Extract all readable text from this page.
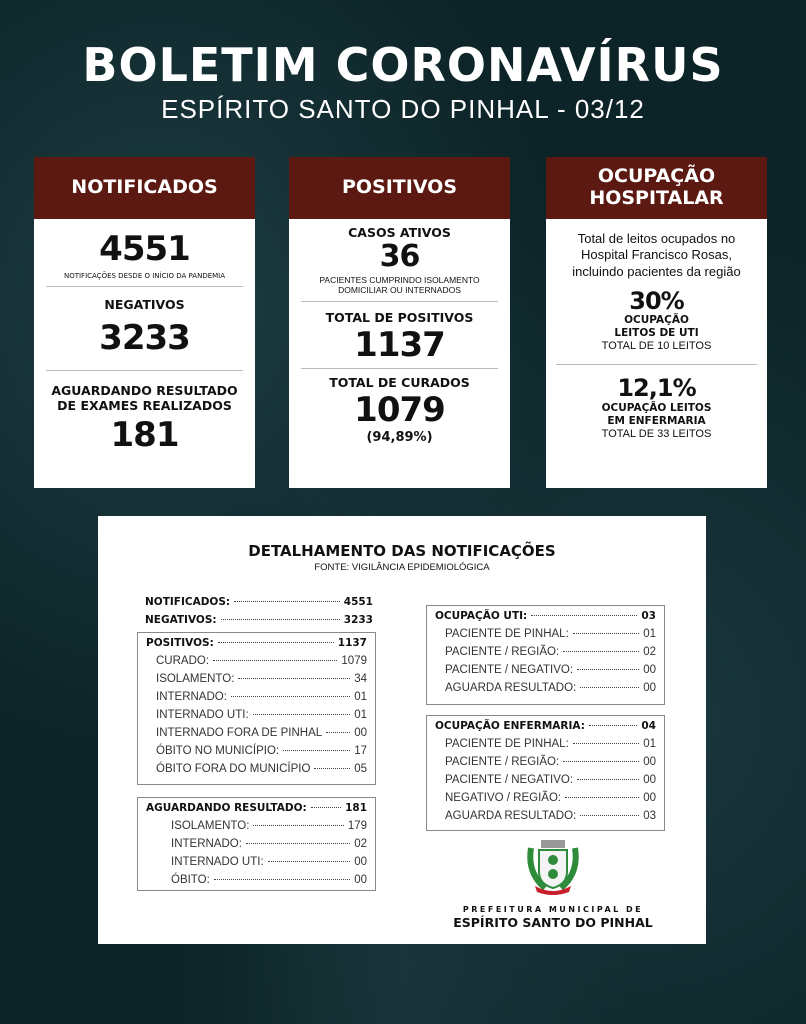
BOLETIM CORONAVÍRUS
ESPÍRITO SANTO DO PINHAL - 03/12
NOTIFICADOS
4551
NOTIFICAÇÕES DESDE O INÍCIO DA PANDEMIA
NEGATIVOS
3233
AGUARDANDO RESULTADO
DE EXAMES REALIZADOS
181
POSITIVOS
CASOS ATIVOS
36
PACIENTES CUMPRINDO ISOLAMENTO
DOMICILIAR OU INTERNADOS
TOTAL DE POSITIVOS
1137
TOTAL DE CURADOS
1079
(94,89%)
OCUPAÇÃO
HOSPITALAR
Total de leitos ocupados no
Hospital Francisco Rosas,
incluindo pacientes da região
30%
OCUPAÇÃO
LEITOS DE UTI
TOTAL DE 10 LEITOS
12,1%
OCUPAÇÃO LEITOS
EM ENFERMARIA
TOTAL DE 33 LEITOS
DETALHAMENTO DAS NOTIFICAÇÕES
FONTE: VIGILÂNCIA EPIDEMIOLÓGICA
NOTIFICADOS:	4551
NEGATIVOS:	3233
POSITIVOS:	1137
CURADO:	1079
ISOLAMENTO:	34
INTERNADO:	01
INTERNADO UTI:	01
INTERNADO FORA DE PINHAL	00
ÓBITO NO MUNICÍPIO:	17
ÓBITO FORA DO MUNICÍPIO	05
AGUARDANDO RESULTADO:	181
ISOLAMENTO:	179
INTERNADO:	02
INTERNADO UTI:	00
ÓBITO:	00
OCUPAÇÃO UTI:	03
PACIENTE DE PINHAL:	01
PACIENTE / REGIÃO:	02
PACIENTE / NEGATIVO:	00
AGUARDA RESULTADO:	00
OCUPAÇÃO ENFERMARIA:	04
PACIENTE DE PINHAL:	01
PACIENTE / REGIÃO:	00
PACIENTE / NEGATIVO:	00
NEGATIVO / REGIÃO:	00
AGUARDA RESULTADO:	03
PREFEITURA MUNICIPAL DE
ESPÍRITO SANTO DO PINHAL
